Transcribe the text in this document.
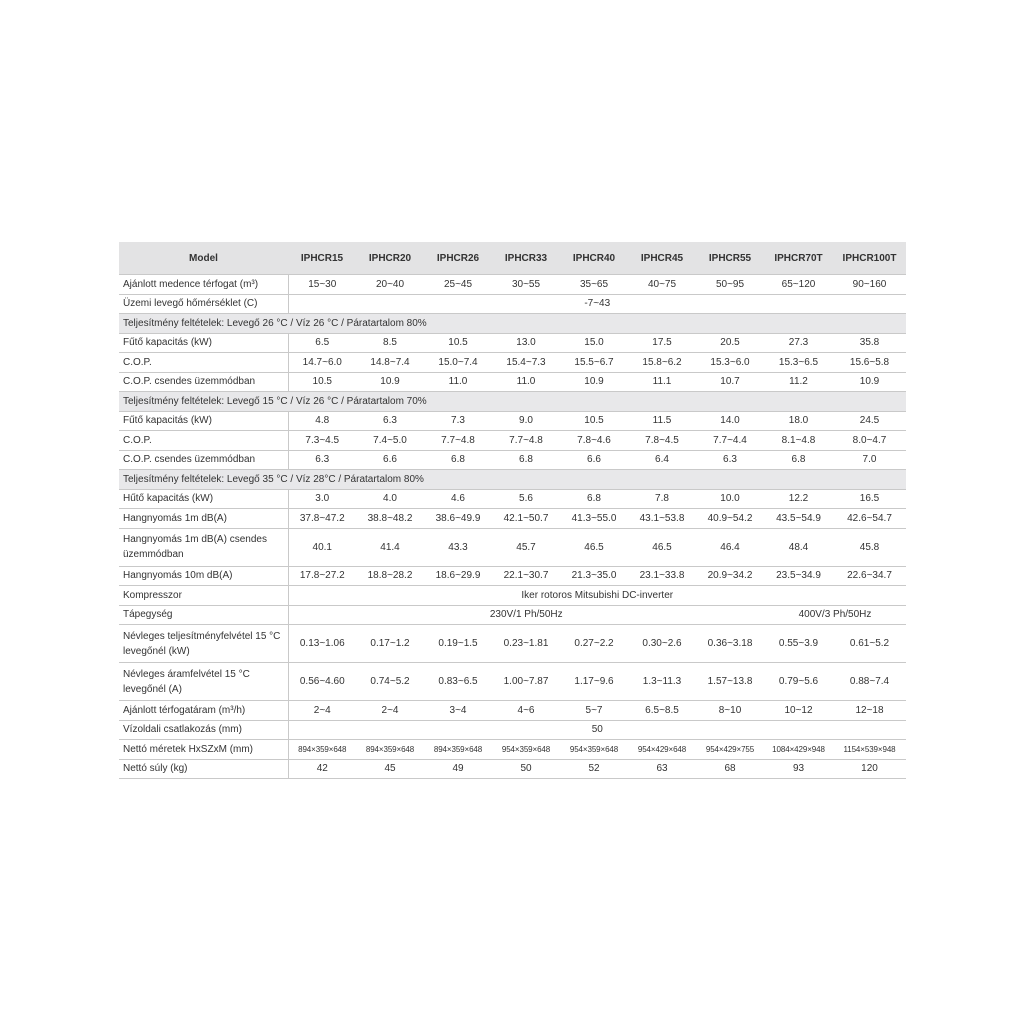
Model	IPHCR15	IPHCR20	IPHCR26	IPHCR33	IPHCR40	IPHCR45	IPHCR55	IPHCR70T	IPHCR100T
Ajánlott medence térfogat (m³)	15~30	20~40	25~45	30~55	35~65	40~75	50~95	65~120	90~160
Üzemi levegő hőmérséklet (C)	-7~43								
Teljesítmény feltételek: Levegő 26 °C / Víz 26 °C / Páratartalom 80%									
Fűtő kapacitás (kW)	6.5	8.5	10.5	13.0	15.0	17.5	20.5	27.3	35.8
C.O.P.	14.7~6.0	14.8~7.4	15.0~7.4	15.4~7.3	15.5~6.7	15.8~6.2	15.3~6.0	15.3~6.5	15.6~5.8
C.O.P. csendes üzemmódban	10.5	10.9	11.0	11.0	10.9	11.1	10.7	11.2	10.9
Teljesítmény feltételek: Levegő 15 °C / Víz 26 °C / Páratartalom 70%									
Fűtő kapacitás (kW)	4.8	6.3	7.3	9.0	10.5	11.5	14.0	18.0	24.5
C.O.P.	7.3~4.5	7.4~5.0	7.7~4.8	7.7~4.8	7.8~4.6	7.8~4.5	7.7~4.4	8.1~4.8	8.0~4.7
C.O.P. csendes üzemmódban	6.3	6.6	6.8	6.8	6.6	6.4	6.3	6.8	7.0
Teljesítmény feltételek: Levegő 35 °C / Víz 28°C / Páratartalom 80%									
Hűtő kapacitás (kW)	3.0	4.0	4.6	5.6	6.8	7.8	10.0	12.2	16.5
Hangnyomás 1m dB(A)	37.8~47.2	38.8~48.2	38.6~49.9	42.1~50.7	41.3~55.0	43.1~53.8	40.9~54.2	43.5~54.9	42.6~54.7
Hangnyomás 1m dB(A) csendes üzemmódban	40.1	41.4	43.3	45.7	46.5	46.5	46.4	48.4	45.8
Hangnyomás 10m dB(A)	17.8~27.2	18.8~28.2	18.6~29.9	22.1~30.7	21.3~35.0	23.1~33.8	20.9~34.2	23.5~34.9	22.6~34.7
Kompresszor	Iker rotoros Mitsubishi DC-inverter								
Tápegység	230V/1 Ph/50Hz							400V/3 Ph/50Hz	
Névleges teljesítményfelvétel 15 °C levegőnél (kW)	0.13~1.06	0.17~1.2	0.19~1.5	0.23~1.81	0.27~2.2	0.30~2.6	0.36~3.18	0.55~3.9	0.61~5.2
Névleges áramfelvétel 15 °C levegőnél (A)	0.56~4.60	0.74~5.2	0.83~6.5	1.00~7.87	1.17~9.6	1.3~11.3	1.57~13.8	0.79~5.6	0.88~7.4
Ajánlott térfogatáram (m³/h)	2~4	2~4	3~4	4~6	5~7	6.5~8.5	8~10	10~12	12~18
Vízoldali csatlakozás (mm)	50								
Nettó méretek HxSZxM (mm)	894×359×648	894×359×648	894×359×648	954×359×648	954×359×648	954×429×648	954×429×755	1084×429×948	1154×539×948
Nettó súly (kg)	42	45	49	50	52	63	68	93	120
